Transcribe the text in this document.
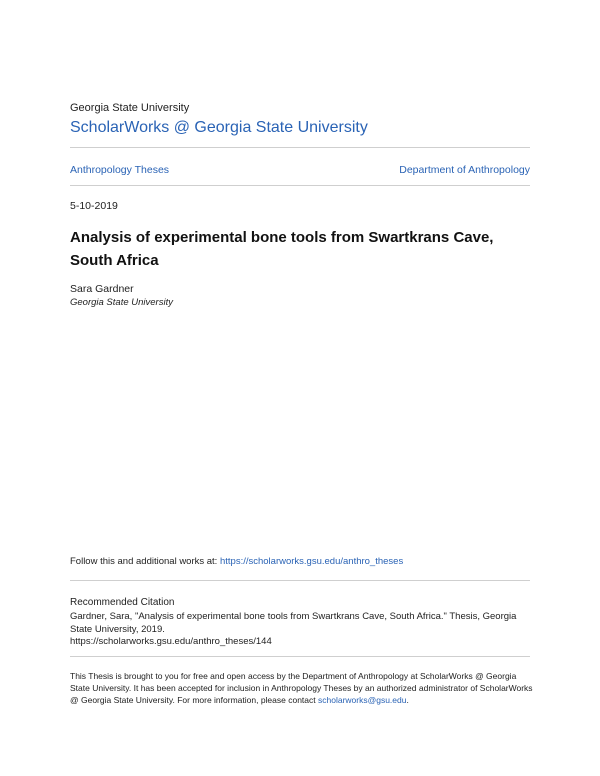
Georgia State University
ScholarWorks @ Georgia State University
Anthropology Theses	Department of Anthropology
5-10-2019
Analysis of experimental bone tools from Swartkrans Cave, South Africa
Sara Gardner
Georgia State University
Follow this and additional works at: https://scholarworks.gsu.edu/anthro_theses
Recommended Citation
Gardner, Sara, "Analysis of experimental bone tools from Swartkrans Cave, South Africa." Thesis, Georgia State University, 2019.
https://scholarworks.gsu.edu/anthro_theses/144
This Thesis is brought to you for free and open access by the Department of Anthropology at ScholarWorks @ Georgia State University. It has been accepted for inclusion in Anthropology Theses by an authorized administrator of ScholarWorks @ Georgia State University. For more information, please contact scholarworks@gsu.edu.
